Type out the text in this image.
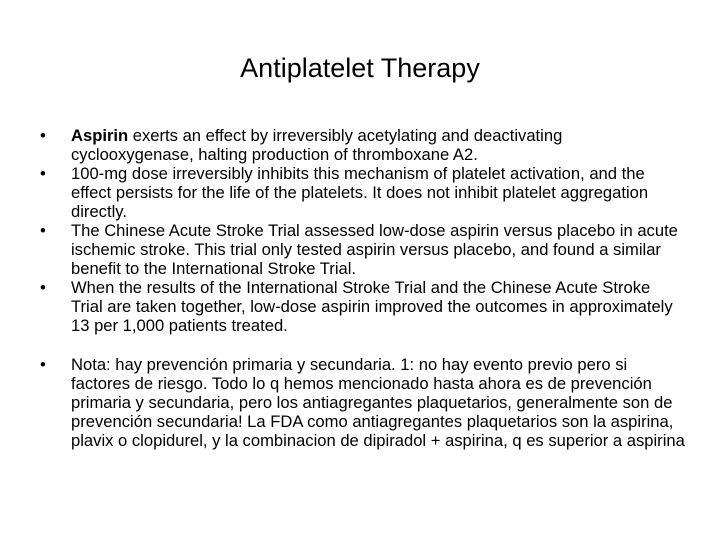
Antiplatelet Therapy
•	Aspirin exerts an effect by irreversibly acetylating and deactivating cyclooxygenase, halting production of thromboxane A2.
•	100-mg dose irreversibly inhibits this mechanism of platelet activation, and the effect persists for the life of the platelets. It does not inhibit platelet aggregation directly.
•	The Chinese Acute Stroke Trial assessed low-dose aspirin versus placebo in acute ischemic stroke. This trial only tested aspirin versus placebo, and found a similar benefit to the International Stroke Trial.
•	When the results of the International Stroke Trial and the Chinese Acute Stroke Trial are taken together, low-dose aspirin improved the outcomes in approximately 13 per 1,000 patients treated.
•	Nota: hay prevención primaria y secundaria. 1: no hay evento previo pero si factores de riesgo. Todo lo q hemos mencionado hasta ahora es de prevención primaria y secundaria, pero los antiagregantes plaquetarios, generalmente son de prevención secundaria! La FDA como antiagregantes plaquetarios son la aspirina, plavix o clopidurel, y la combinacion de dipiradol + aspirina, q es superior a aspirina
